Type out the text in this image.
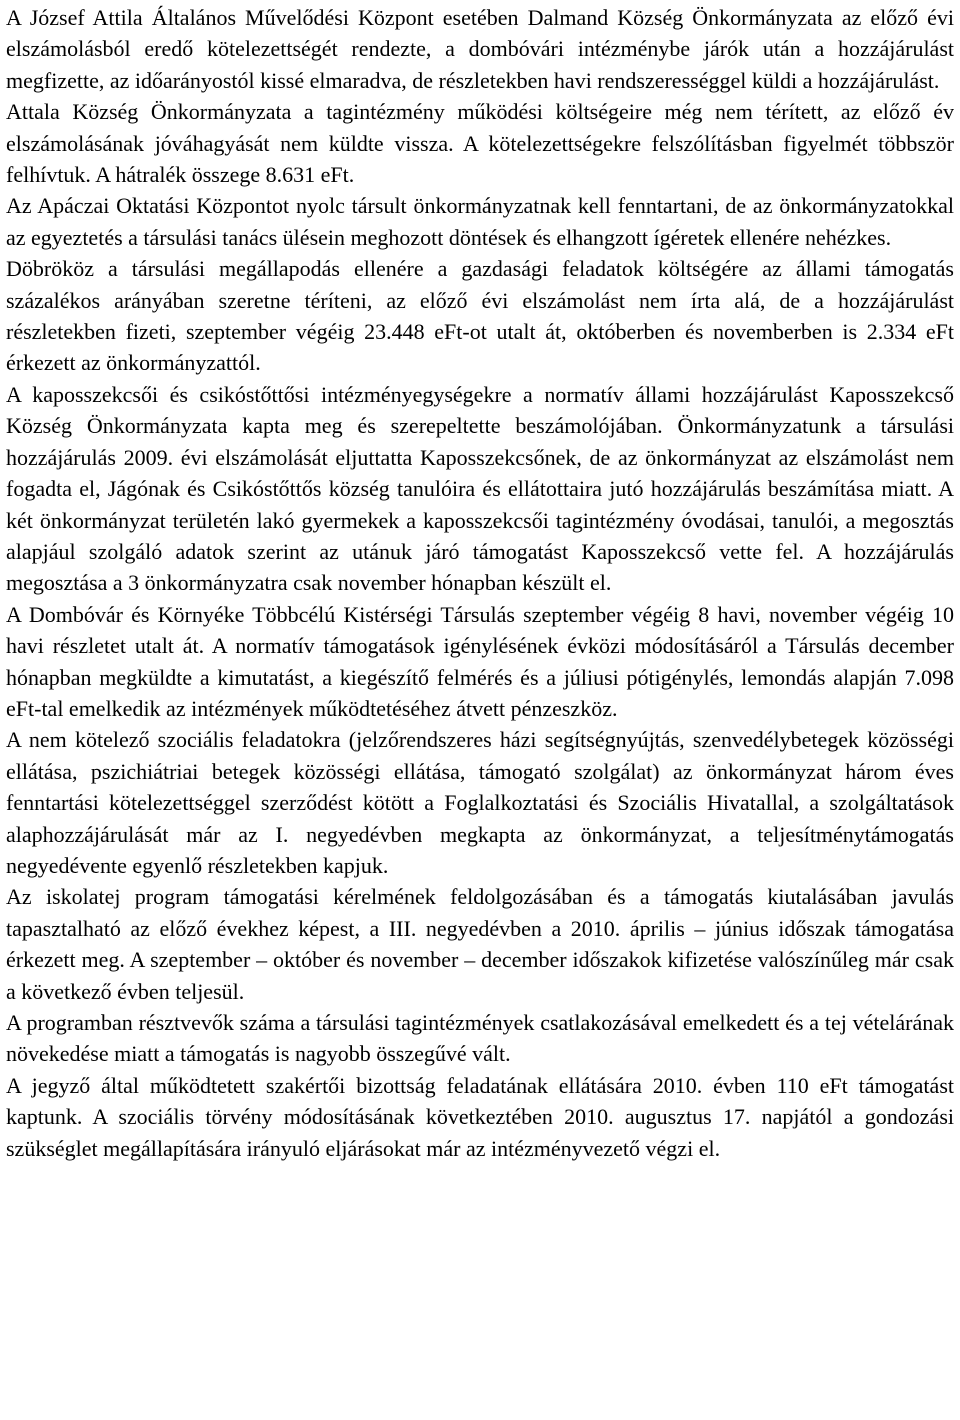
A József Attila Általános Művelődési Központ esetében Dalmand Község Önkormányzata az előző évi elszámolásból eredő kötelezettségét rendezte, a dombóvári intézménybe járók után a hozzájárulást megfizette, az időarányostól kissé elmaradva, de részletekben havi rendszerességgel küldi a hozzájárulást.

Attala Község Önkormányzata a tagintézmény működési költségeire még nem térített, az előző év elszámolásának jóváhagyását nem küldte vissza. A kötelezettségekre felszólításban figyelmét többször felhívtuk. A hátralék összege 8.631 eFt.

Az Apáczai Oktatási Központot nyolc társult önkormányzatnak kell fenntartani, de az önkormányzatokkal az egyeztetés a társulási tanács ülésein meghozott döntések és elhangzott ígéretek ellenére nehézkes.

Döbrököz a társulási megállapodás ellenére a gazdasági feladatok költségére az állami támogatás százalékos arányában szeretne téríteni, az előző évi elszámolást nem írta alá, de a hozzájárulást részletekben fizeti, szeptember végéig 23.448 eFt-ot utalt át, októberben és novemberben is 2.334 eFt érkezett az önkormányzattól.

A kaposszekcsői és csikóstőttősi intézményegységekre a normatív állami hozzájárulást Kaposszekcső Község Önkormányzata kapta meg és szerepeltette beszámolójában. Önkormányzatunk a társulási hozzájárulás 2009. évi elszámolását eljuttatta Kaposszekcsőnek, de az önkormányzat az elszámolást nem fogadta el, Jágónak és Csikóstőttős község tanulóira és ellátottaira jutó hozzájárulás beszámítása miatt. A két önkormányzat területén lakó gyermekek a kaposszekcsői tagintézmény óvodásai, tanulói, a megosztás alapjául szolgáló adatok szerint az utánuk járó támogatást Kaposszekcső vette fel. A hozzájárulás megosztása a 3 önkormányzatra csak november hónapban készült el.

A Dombóvár és Környéke Többcélú Kistérségi Társulás szeptember végéig 8 havi, november végéig 10 havi részletet utalt át. A normatív támogatások igénylésének évközi módosításáról a Társulás december hónapban megküldte a kimutatást, a kiegészítő felmérés és a júliusi pótigénylés, lemondás alapján 7.098 eFt-tal emelkedik az intézmények működtetéséhez átvett pénzeszköz.

A nem kötelező szociális feladatokra (jelzőrendszeres házi segítségnyújtás, szenvedélybetegek közösségi ellátása, pszichiátriai betegek közösségi ellátása, támogató szolgálat) az önkormányzat három éves fenntartási kötelezettséggel szerződést kötött a Foglalkoztatási és Szociális Hivatallal, a szolgáltatások alaphozzájárulását már az I. negyedévben megkapta az önkormányzat, a teljesítménytámogatás negyedévente egyenlő részletekben kapjuk.

Az iskolatej program támogatási kérelmének feldolgozásában és a támogatás kiutalásában javulás tapasztalható az előző évekhez képest, a III. negyedévben a 2010. április – június időszak támogatása érkezett meg. A szeptember – október és november – december időszakok kifizetése valószínűleg már csak a következő évben teljesül.

A programban résztvevők száma a társulási tagintézmények csatlakozásával emelkedett és a tej vételárának növekedése miatt a támogatás is nagyobb összegűvé vált.

A jegyző által működtetett szakértői bizottság feladatának ellátására 2010. évben 110 eFt támogatást kaptunk. A szociális törvény módosításának következtében 2010. augusztus 17. napjától a gondozási szükséglet megállapítására irányuló eljárásokat már az intézményvezető végzi el.
